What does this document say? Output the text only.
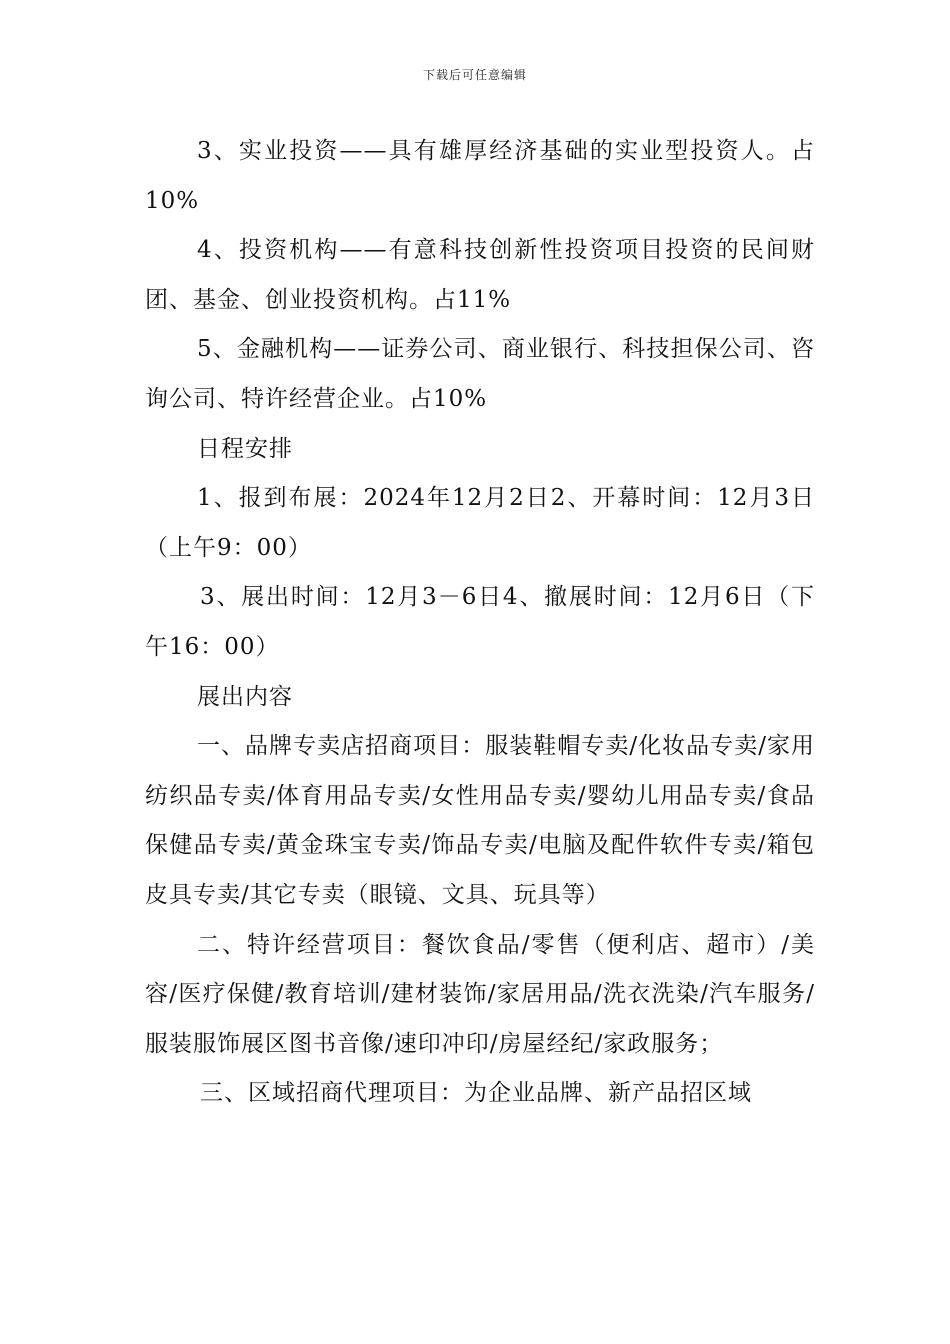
下载后可任意编辑

3、实业投资——具有雄厚经济基础的实业型投资人。占10%

4、投资机构——有意科技创新性投资项目投资的民间财团、基金、创业投资机构。占11%

5、金融机构——证券公司、商业银行、科技担保公司、咨询公司、特许经营企业。占10%

日程安排

1、报到布展：2024年12月2日2、开幕时间：12月3日（上午9：00）

3、展出时间：12月3－6日4、撤展时间：12月6日（下午16：00）

展出内容

一、品牌专卖店招商项目：服装鞋帽专卖/化妆品专卖/家用纺织品专卖/体育用品专卖/女性用品专卖/婴幼儿用品专卖/食品保健品专卖/黄金珠宝专卖/饰品专卖/电脑及配件软件专卖/箱包皮具专卖/其它专卖（眼镜、文具、玩具等）

二、特许经营项目：餐饮食品/零售（便利店、超市）/美容/医疗保健/教育培训/建材装饰/家居用品/洗衣洗染/汽车服务/服装服饰展区图书音像/速印冲印/房屋经纪/家政服务；

三、区域招商代理项目：为企业品牌、新产品招区域
